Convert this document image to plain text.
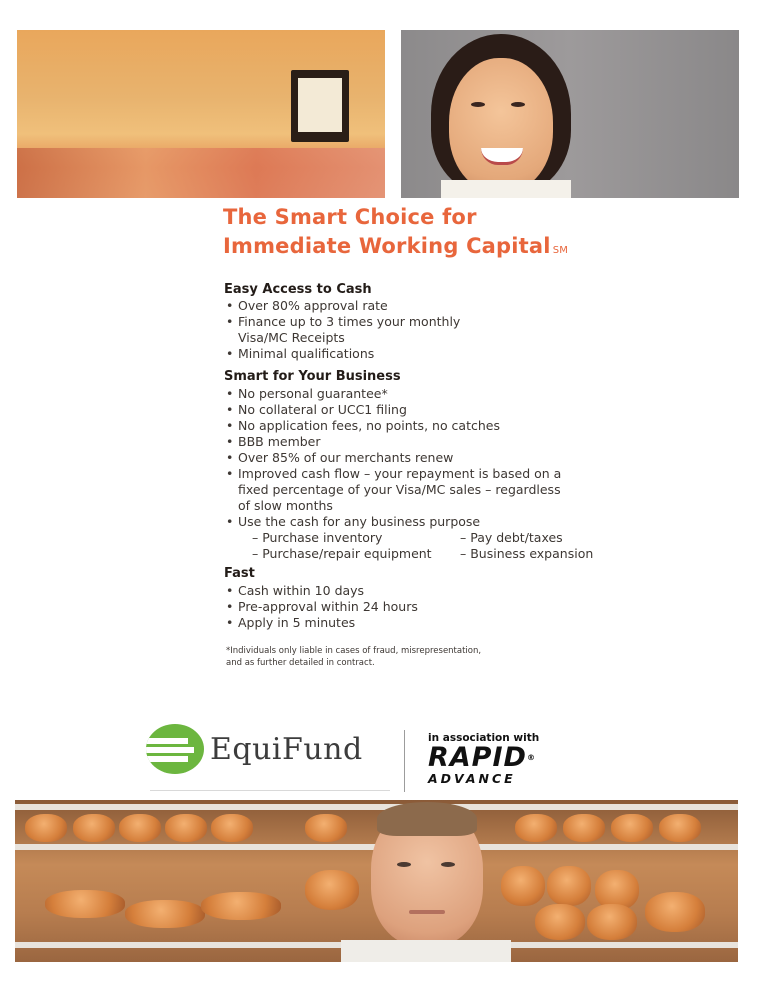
The Smart Choice for
Immediate Working Capital ℠
Easy Access to Cash
• Over 80% approval rate
• Finance up to 3 times your monthly
Visa/MC Receipts
• Minimal qualifications
Smart for Your Business
• No personal guarantee*
• No collateral or UCC1 filing
• No application fees, no points, no catches
• BBB member
• Over 85% of our merchants renew
• Improved cash flow – your repayment is based on a
fixed percentage of your Visa/MC sales – regardless
of slow months
• Use the cash for any business purpose
– Purchase inventory	– Pay debt/taxes
– Purchase/repair equipment	– Business expansion
Fast
• Cash within 10 days
• Pre-approval within 24 hours
• Apply in 5 minutes

*Individuals only liable in cases of fraud, misrepresentation,
and as further detailed in contract.

EquiFund	in association with
RAPID®
ADVANCE
